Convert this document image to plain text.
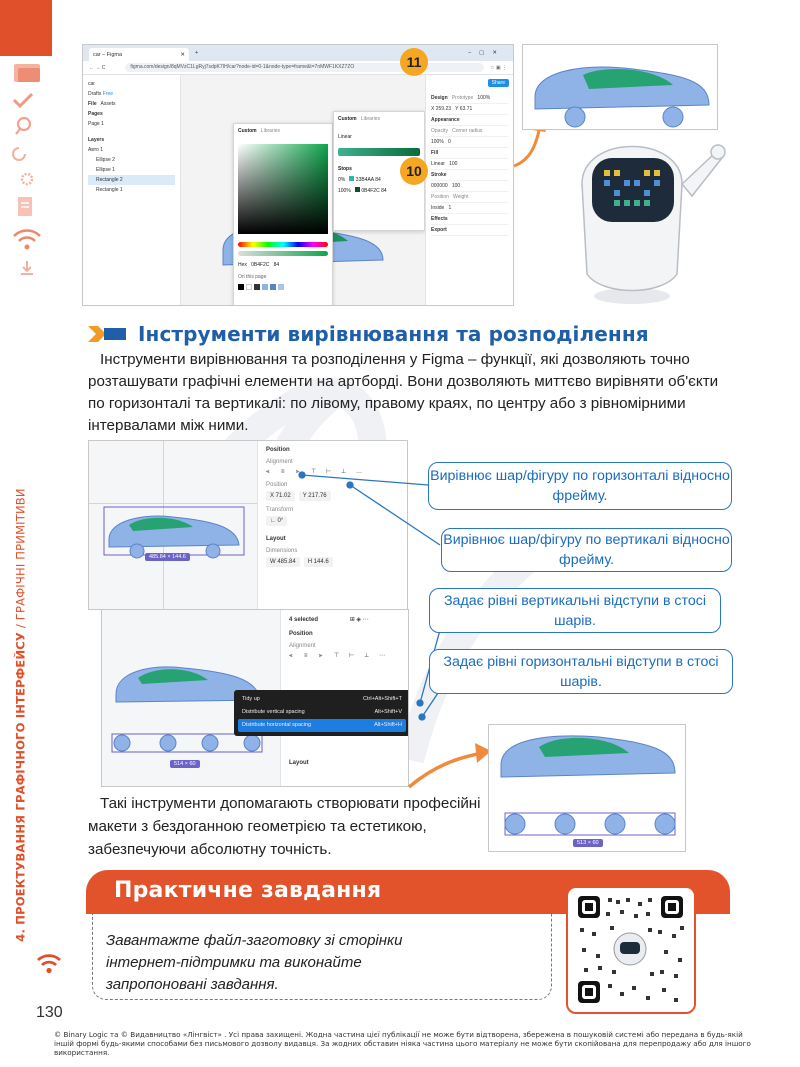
4. ПРОЕКТУВАННЯ ГРАФІЧНОГО ІНТЕРФЕЙСУ / ГРАФІЧНІ ПРИМІТИВИ
130
car – Figma	✕ +	–▢✕
←
→
C	figma.com/design/8qMVzC1LgRyj7sdpK7IH/car?node-id=0-1&node-type=frame&t=7nMWF1KXZ7ZO	☆ ▣ ⋮
car
Drafts Free
File Assets
Pages
Page 1
Layers
Авто 1
Ellipse 2
Ellipse 1
Rectangle 2
Rectangle 1
Custom Libraries
Hex 0B4F2C 84
On this page
Custom Libraries
Linear
Stops
0% 33B4AA 84
100% 0B4F2C 84
Share
Design Prototype 100%
X 259.23   Y 63.71
Appearance
Opacity Corner radius
100% 0
Fill
Linear 100
Stroke
000000 100
Position Weight
Inside 1
Effects
Export
11
10
Інструменти вирівнювання та розподілення

Інструменти вирівнювання та розподілення у Figma – функції, які дозволяють точно розташувати графічні елементи на артборді. Вони дозволяють миттєво вирівняти об'єкти по горизонталі та вертикалі: по лівому, правому краях, по центру або з рівномірними інтервалами між ними.

485.84 × 144.6
Position
Alignment
⫷ ≡ ⫸ ⊤ ⊢ ⊥ …
Position
X 71.02 Y 217.76
Transform
∟ 0°
Layout
Dimensions
W 485.84 H 144.6
514 × 60
4 selected	⊞ ◈ ⋯
Position
Alignment
⫷ ≡ ⫸ ⊤ ⊢ ⊥ ⋯
Layout
Tidy up	Ctrl+Alt+Shift+T
Distribute vertical spacing	Alt+Shift+V
Distribute horizontal spacing	Alt+Shift+H
Вирівнює шар/фігуру по горизонталі відносно фрейму.
Вирівнює шар/фігуру по вертикалі відносно фрейму.
Задає рівні вертикальні відступи в стосі шарів.
Задає рівні горизонтальні відступи в стосі шарів.
513 × 60

Такі інструменти допомагають створювати професійні макети з бездоганною геометрією та естетикою, забезпечуючи абсолютну точність.

Практичне завдання
Завантажте файл-заготовку зі сторінки інтернет-підтримки та виконайте запропоновані завдання.
© Binary Logic та © Видавництво «Лінгвіст» . Усі права захищені. Жодна частина цієї публікації не може бути відтворена, збережена в пошуковій системі або передана в будь-якій іншій формі будь-якими способами без письмового дозволу видавця. За жодних обставин ніяка частина цього матеріалу не може бути скопійована для перепродажу або для іншого використання.
